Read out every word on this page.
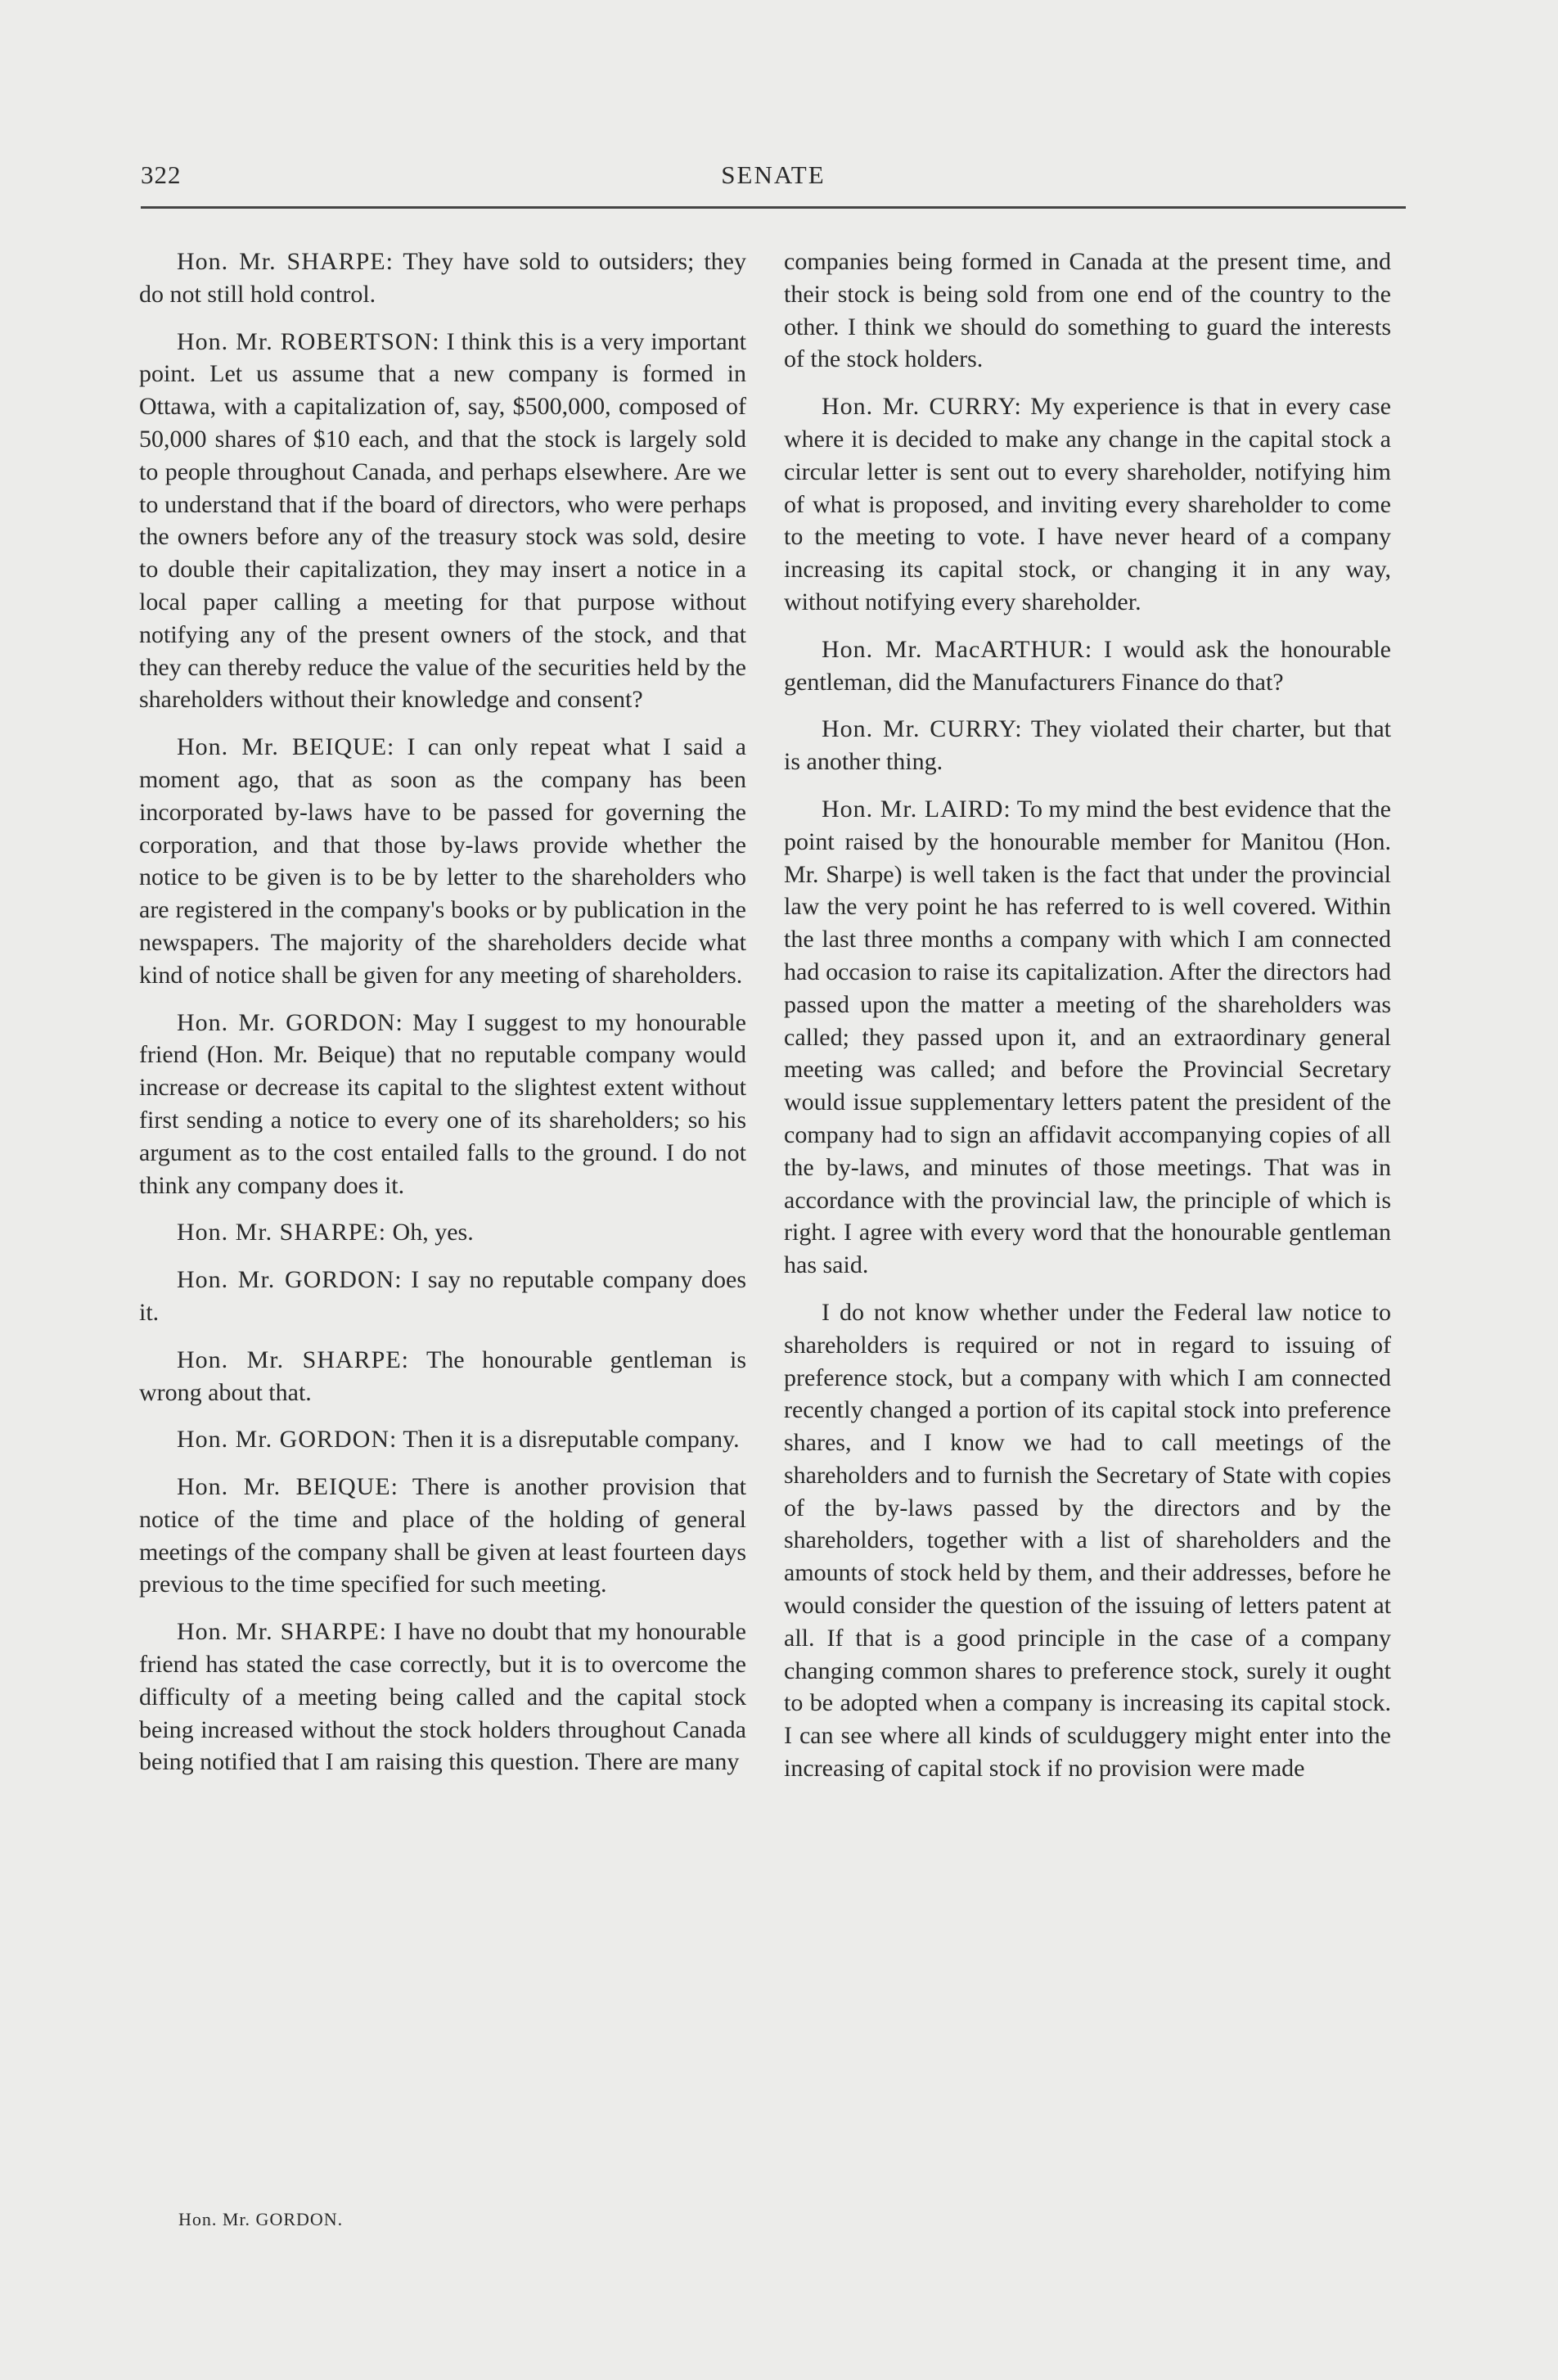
322	SENATE

Hon. Mr. SHARPE: They have sold to outsiders; they do not still hold control.

Hon. Mr. ROBERTSON: I think this is a very important point. Let us assume that a new company is formed in Ottawa, with a capitalization of, say, $500,000, composed of 50,000 shares of $10 each, and that the stock is largely sold to people throughout Canada, and perhaps elsewhere. Are we to understand that if the board of directors, who were perhaps the owners before any of the treasury stock was sold, desire to double their capitalization, they may insert a notice in a local paper calling a meeting for that purpose without notifying any of the present owners of the stock, and that they can thereby reduce the value of the securities held by the shareholders without their knowledge and consent?

Hon. Mr. BEIQUE: I can only repeat what I said a moment ago, that as soon as the company has been incorporated by-laws have to be passed for governing the corporation, and that those by-laws provide whether the notice to be given is to be by letter to the shareholders who are registered in the company's books or by publication in the newspapers. The majority of the shareholders decide what kind of notice shall be given for any meeting of shareholders.

Hon. Mr. GORDON: May I suggest to my honourable friend (Hon. Mr. Beique) that no reputable company would increase or decrease its capital to the slightest extent without first sending a notice to every one of its shareholders; so his argument as to the cost entailed falls to the ground. I do not think any company does it.

Hon. Mr. SHARPE: Oh, yes.

Hon. Mr. GORDON: I say no reputable company does it.

Hon. Mr. SHARPE: The honourable gentleman is wrong about that.

Hon. Mr. GORDON: Then it is a disreputable company.

Hon. Mr. BEIQUE: There is another provision that notice of the time and place of the holding of general meetings of the company shall be given at least fourteen days previous to the time specified for such meeting.

Hon. Mr. SHARPE: I have no doubt that my honourable friend has stated the case correctly, but it is to overcome the difficulty of a meeting being called and the capital stock being increased without the stock holders throughout Canada being notified that I am raising this question. There are many

companies being formed in Canada at the present time, and their stock is being sold from one end of the country to the other. I think we should do something to guard the interests of the stock holders.

Hon. Mr. CURRY: My experience is that in every case where it is decided to make any change in the capital stock a circular letter is sent out to every shareholder, notifying him of what is proposed, and inviting every shareholder to come to the meeting to vote. I have never heard of a company increasing its capital stock, or changing it in any way, without notifying every shareholder.

Hon. Mr. MacARTHUR: I would ask the honourable gentleman, did the Manufacturers Finance do that?

Hon. Mr. CURRY: They violated their charter, but that is another thing.

Hon. Mr. LAIRD: To my mind the best evidence that the point raised by the honourable member for Manitou (Hon. Mr. Sharpe) is well taken is the fact that under the provincial law the very point he has referred to is well covered. Within the last three months a company with which I am connected had occasion to raise its capitalization. After the directors had passed upon the matter a meeting of the shareholders was called; they passed upon it, and an extraordinary general meeting was called; and before the Provincial Secretary would issue supplementary letters patent the president of the company had to sign an affidavit accompanying copies of all the by-laws, and minutes of those meetings. That was in accordance with the provincial law, the principle of which is right. I agree with every word that the honourable gentleman has said.

I do not know whether under the Federal law notice to shareholders is required or not in regard to issuing of preference stock, but a company with which I am connected recently changed a portion of its capital stock into preference shares, and I know we had to call meetings of the shareholders and to furnish the Secretary of State with copies of the by-laws passed by the directors and by the shareholders, together with a list of shareholders and the amounts of stock held by them, and their addresses, before he would consider the question of the issuing of letters patent at all. If that is a good principle in the case of a company changing common shares to preference stock, surely it ought to be adopted when a company is increasing its capital stock. I can see where all kinds of sculduggery might enter into the increasing of capital stock if no provision were made

Hon. Mr. GORDON.
